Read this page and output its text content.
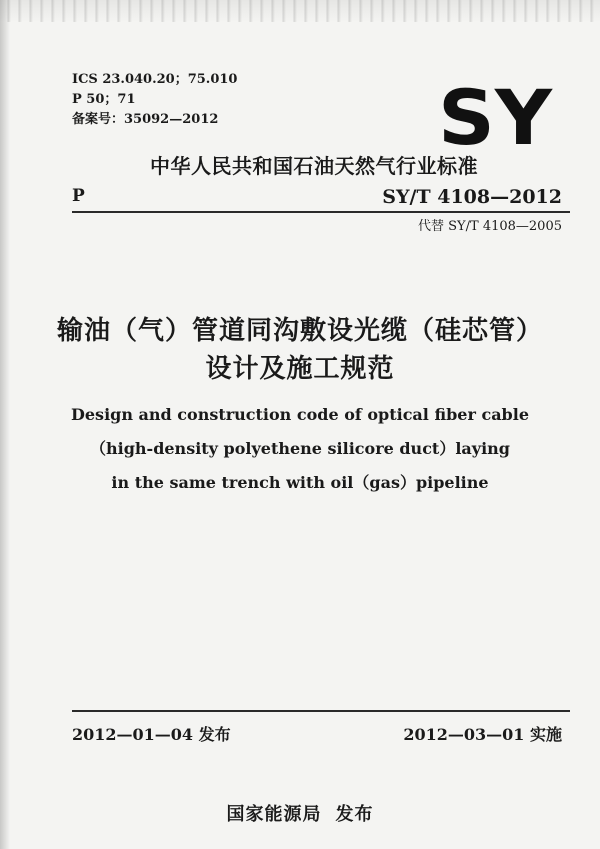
ICS 23.040.20；75.010
P 50；71
备案号：35092—2012	SY
中华人民共和国石油天然气行业标准
P	SY/T 4108—2012
代替 SY/T 4108—2005
输油（气）管道同沟敷设光缆（硅芯管）
设计及施工规范
Design and construction code of optical fiber cable
（high-density polyethene silicore duct）laying
in the same trench with oil（gas）pipeline
2012—01—04 发布	2012—03—01 实施
国家能源局 发布
